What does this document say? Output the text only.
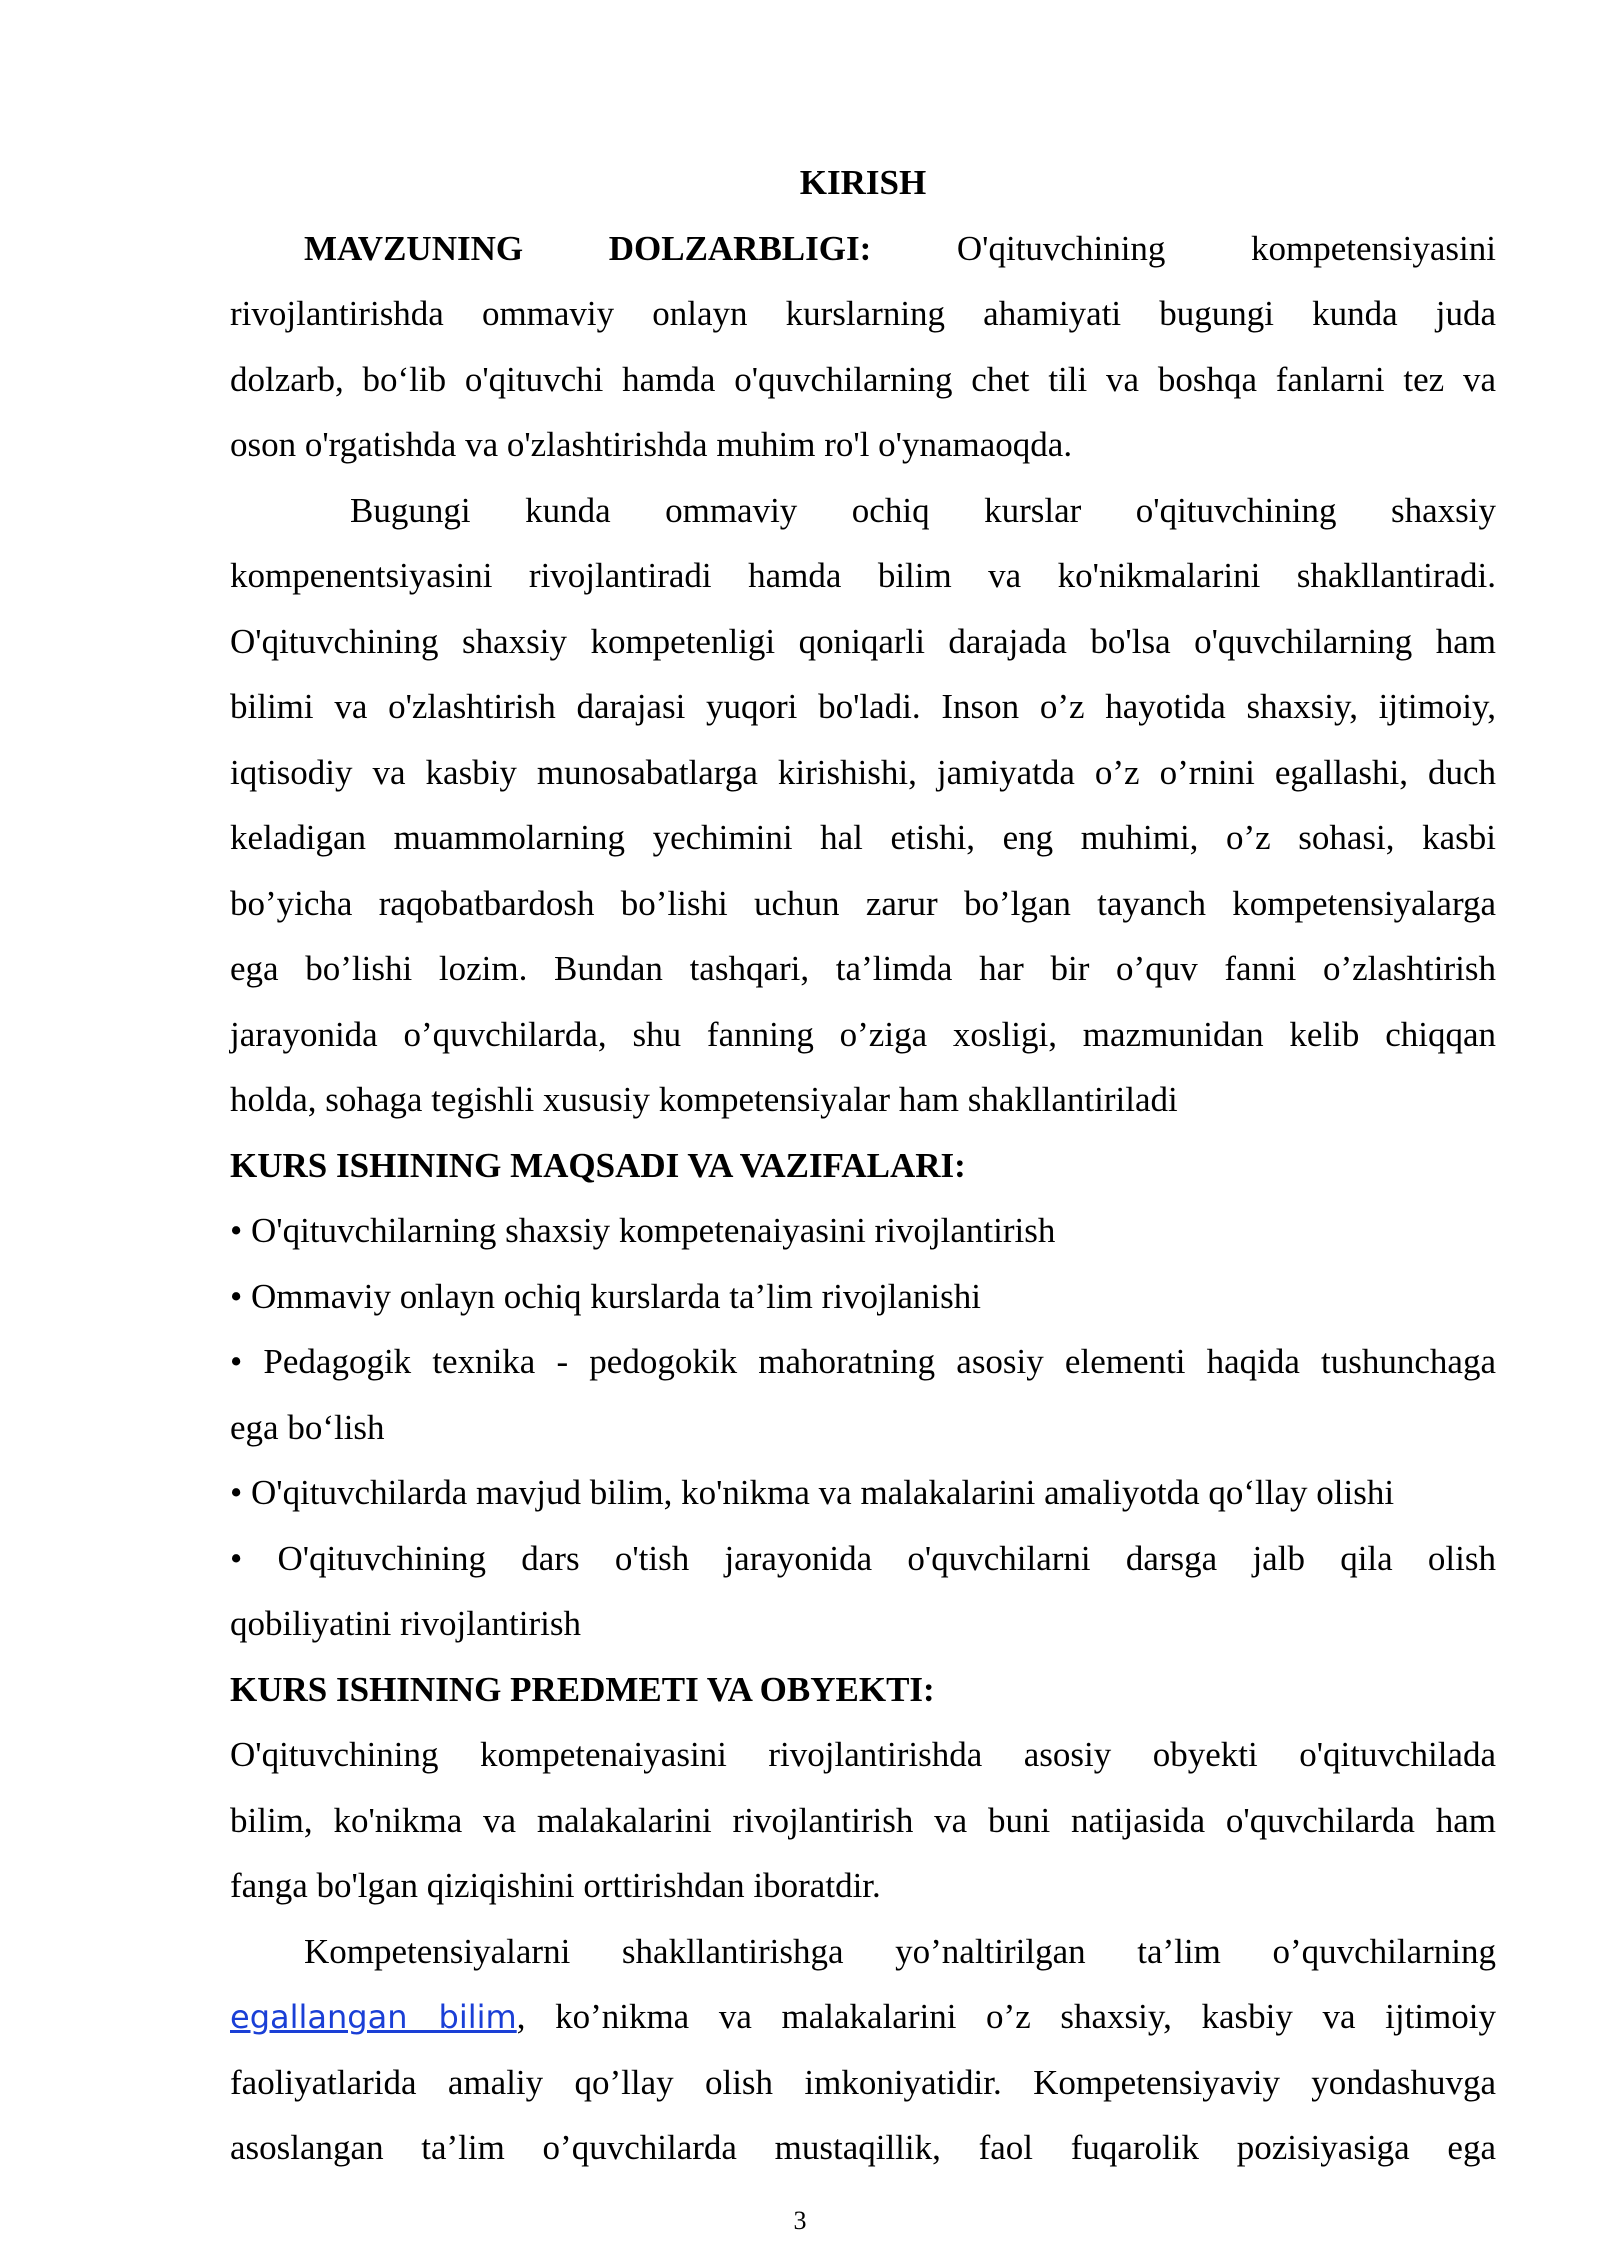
KIRISH
MAVZUNING DOLZARBLIGI: O'qituvchining kompetensiyasini
rivojlantirishda ommaviy onlayn kurslarning ahamiyati bugungi kunda juda
dolzarb, bo‘lib o'qituvchi hamda o'quvchilarning chet tili va boshqa fanlarni tez va
oson o'rgatishda va o'zlashtirishda muhim ro'l o'ynamaoqda.
Bugungi kunda ommaviy ochiq kurslar o'qituvchining shaxsiy
kompenentsiyasini rivojlantiradi hamda bilim va ko'nikmalarini shakllantiradi.
O'qituvchining shaxsiy kompetenligi qoniqarli darajada bo'lsa o'quvchilarning ham
bilimi va o'zlashtirish darajasi yuqori bo'ladi. Inson o’z hayotida shaxsiy, ijtimoiy,
iqtisodiy va kasbiy munosabatlarga kirishishi, jamiyatda o’z o’rnini egallashi, duch
keladigan muammolarning yechimini hal etishi, eng muhimi, o’z sohasi, kasbi
bo’yicha raqobatbardosh bo’lishi uchun zarur bo’lgan tayanch kompetensiyalarga
ega bo’lishi lozim. Bundan tashqari, ta’limda har bir o’quv fanni o’zlashtirish
jarayonida o’quvchilarda, shu fanning o’ziga xosligi, mazmunidan kelib chiqqan
holda, sohaga tegishli xususiy kompetensiyalar ham shakllantiriladi
KURS ISHINING MAQSADI VA VAZIFALARI:
• O'qituvchilarning shaxsiy kompetenaiyasini rivojlantirish
• Ommaviy onlayn ochiq kurslarda ta’lim rivojlanishi
• Pedagogik texnika - pedogokik mahoratning asosiy elementi haqida tushunchaga
ega bo‘lish
• O'qituvchilarda mavjud bilim, ko'nikma va malakalarini amaliyotda qo‘llay olishi
• O'qituvchining dars o'tish jarayonida o'quvchilarni darsga jalb qila olish
qobiliyatini rivojlantirish
KURS ISHINING PREDMETI VA OBYEKTI:
O'qituvchining kompetenaiyasini rivojlantirishda asosiy obyekti o'qituvchilada
bilim, ko'nikma va malakalarini rivojlantirish va buni natijasida o'quvchilarda ham
fanga bo'lgan qiziqishini orttirishdan iboratdir.
Kompetensiyalarni shakllantirishga yo’naltirilgan ta’lim o’quvchilarning
egallangan bilim, ko’nikma va malakalarini o’z shaxsiy, kasbiy va ijtimoiy
faoliyatlarida amaliy qo’llay olish imkoniyatidir. Kompetensiyaviy yondashuvga
asoslangan ta’lim o’quvchilarda mustaqillik, faol fuqarolik pozisiyasiga ega
3
